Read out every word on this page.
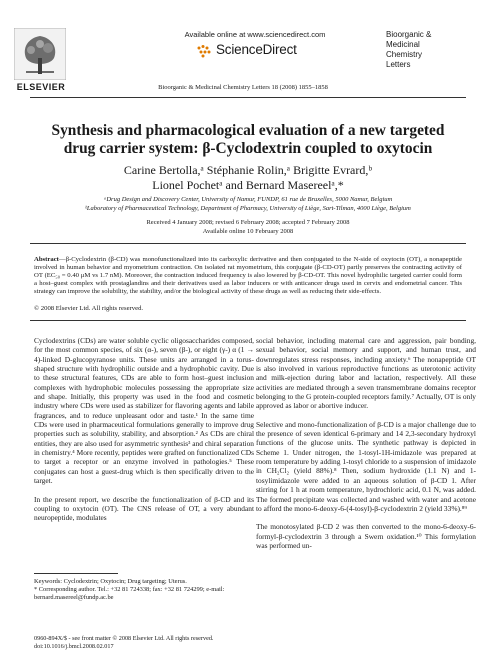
ELSEVIER
Available online at www.sciencedirect.com
ScienceDirect
Bioorganic &
Medicinal
Chemistry
Letters
Bioorganic & Medicinal Chemistry Letters 18 (2008) 1855–1858
Synthesis and pharmacological evaluation of a new targeted
drug carrier system: β-Cyclodextrin coupled to oxytocin
Carine Bertolla,ᵃ Stéphanie Rolin,ᵃ Brigitte Evrard,ᵇ
Lionel Pochetᵃ and Bernard Masereelᵃ,*
ᵃDrug Design and Discovery Center, University of Namur, FUNDP, 61 rue de Bruxelles, 5000 Namur, Belgium
ᵇLaboratory of Pharmaceutical Technology, Department of Pharmacy, University of Liège, Sart-Tilman, 4000 Liège, Belgium
Received 4 January 2008; revised 6 February 2008; accepted 7 February 2008
Available online 10 February 2008
Abstract—β-Cyclodextrin (β-CD) was monofunctionalized into its carboxylic derivative and then conjugated to the N-side of oxytocin (OT), a nonapeptide involved in human behavior and myometrium contraction. On isolated rat myometrium, this conjugate (β-CD-OT) partly preserves the contracting activity of OT (EC₅₀ = 0.40 μM vs 1.7 nM). Moreover, the contraction induced frequency is also lowered by β-CD-OT. This novel hydrophilic targeted carrier could form a host–guest complex with prostaglandins and their derivatives used as labor inducers or with anticancer drugs used in cervix and endometrial cancer. This strategy can improve the solubility, the stability, and/or the biological activity of these drugs as well as reducing their side-effects.
© 2008 Elsevier Ltd. All rights reserved.

Cyclodextrins (CDs) are water soluble cyclic oligosaccharides composed, for the most common species, of six (α-), seven (β-), or eight (γ-) α (1 → 4)-linked D-glucopyranose units. These units are arranged in a torus-shaped structure with hydrophilic outside and a hydrophobic cavity. Due to these structural features, CDs are able to form host–guest inclusion complexes with hydrophobic molecules possessing the appropriate size and shape. Initially, this property was used in the food and cosmetic industry where CDs were used as stabilizer for flavoring agents and labile fragrances, and to reduce unpleasant odor and taste.¹ In the same time CDs were used in pharmaceutical formulations generally to improve drug properties such as solubility, stability, and absorption.² As CDs are chiral entities, they are also used for asymmetric synthesis³ and chiral separation in chemistry.⁴ More recently, peptides were grafted on functionalized CDs to target a receptor or an enzyme involved in pathologies.⁵ These conjugates can host a guest-drug which is then specifically driven to the target.

In the present report, we describe the functionalization of β-CD and its coupling to oxytocin (OT). The CNS release of OT, a very abundant neuropeptide, modulates

social behavior, including maternal care and aggression, pair bonding, sexual behavior, social memory and support, and human trust, and downregulates stress responses, including anxiety.⁶ The nonapeptide OT is also involved in various reproductive functions as uterotonic activity and milk-ejection during labor and lactation, respectively. All these activities are mediated through a seven transmembrane domains receptor belonging to the G protein-coupled receptors family.⁷ Actually, OT is only approved as labor or abortive inducer.

Selective and mono-functionalization of β-CD is a major challenge due to the presence of seven identical 6-primary and 14 2,3-secondary hydroxyl functions of the glucose units. The synthetic pathway is depicted in Scheme 1. Under nitrogen, the 1-tosyl-1H-imidazole was prepared at room temperature by adding 1-tosyl chloride to a suspension of imidazole in CH₂Cl₂ (yield 88%).⁸ Then, sodium hydroxide (1.1 N) and 1-tosylimidazole were added to an aqueous solution of β-CD 1. After stirring for 1 h at room temperature, hydrochloric acid, 0.1 N, was added. The formed precipitate was collected and washed with water and acetone to afford the mono-6-deoxy-6-(4-tosyl)-β-cyclodextrin 2 (yield 33%).⁸⁹

The monotosylated β-CD 2 was then converted to the mono-6-deoxy-6-formyl-β-cyclodextrin 3 through a Swern oxidation.¹⁰ This formylation was performed un-

Keywords: Cyclodextrin; Oxytocin; Drug targeting; Uterus.
* Corresponding author. Tel.: +32 81 724338; fax: +32 81 724299; e-mail: bernard.masereel@fundp.ac.be
0960-894X/$ - see front matter © 2008 Elsevier Ltd. All rights reserved.
doi:10.1016/j.bmcl.2008.02.017
